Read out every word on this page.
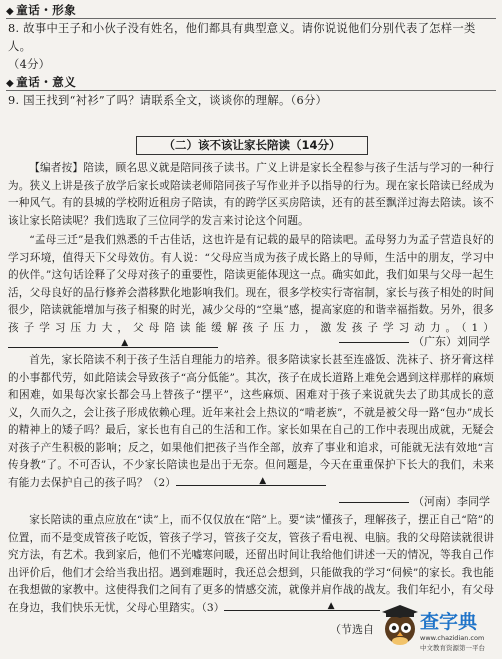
◆ 童话・形象
8. 故事中王子和小伙子没有姓名，他们都具有典型意义。请你说说他们分别代表了怎样一类人。
（4分）
◆ 童话・意义
9. 国王找到“衬衫”了吗？请联系全文，谈谈你的理解。（6分）
（二）该不该让家长陪读（14分）

【编者按】陪读，顾名思义就是陪同孩子读书。广义上讲是家长全程参与孩子生活与学习的一种行为。狭义上讲是孩子放学后家长或陪读老师陪同孩子写作业并予以指导的行为。现在家长陪读已经成为一种风气。有的县城的学校附近租房子陪读，有的跨学区买房陪读，还有的甚至飘洋过海去陪读。该不该让家长陪读呢？我们选取了三位同学的发言来讨论这个问题。

“孟母三迁”是我们熟悉的千古佳话，这也许是有记载的最早的陪读吧。孟母努力为孟子营造良好的学习环境，值得天下父母效仿。有人说：“父母应当成为孩子成长路上的导师，生活中的朋友，学习中的伙伴。”这句话诠释了父母对孩子的重要性，陪读更能体现这一点。确实如此，我们如果与父母一起生活，父母良好的品行修养会潜移默化地影响我们。现在，很多学校实行寄宿制，家长与孩子相处的时间很少，陪读就能增加与孩子相聚的时光，减少父母的“空巢”感，提高家庭的和谐幸福指数。另外，很多孩子学习压力大，父母陪读能缓解孩子压力，激发孩子学习动力。（1）
▲	（广东）刘同学

首先，家长陪读不利于孩子生活自理能力的培养。很多陪读家长甚至连盛饭、洗袜子、挤牙膏这样的小事都代劳，如此陪读会导致孩子“高分低能”。其次，孩子在成长道路上难免会遇到这样那样的麻烦和困难，如果每次家长都会马上替孩子“摆平”，这些麻烦、困难对于孩子来说就失去了助其成长的意义，久而久之，会让孩子形成依赖心理。近年来社会上热议的“啃老族”，不就是被父母一路“包办”成长的精神上的矮子吗？最后，家长也有自己的生活和工作。家长如果在自己的工作中表现出成就，无疑会对孩子产生积极的影响；反之，如果他们把孩子当作全部，放弃了事业和追求，可能就无法有效地“言传身教”了。不可否认，不少家长陪读也是出于无奈。但问题是，今天在重重保护下长大的我们，未来有能力去保护自己的孩子吗？（2）	▲

（河南）李同学

家长陪读的重点应放在“读”上，而不仅仅放在“陪”上。要“读”懂孩子，理解孩子，摆正自己“陪”的位置，而不是变成管孩子吃饭，管孩子学习，管孩子交友，管孩子看电视、电脑。我的父母陪读就很讲究方法，有艺术。我到家后，他们不光嘘寒问暖，还留出时间让我给他们讲述一天的情况，等我自己作出评价后，他们才会给当我出招。遇到难题时，我还总会想到，只能做我的学习“伺候”的家长。我也能在我想做的家教中。这使得我们之间有了更多的情感交流，就像并肩作战的战友。我们年纪小，有父母在身边，我们快乐无忧，父母心里踏实。（3）	▲

（节选自 查字典
www.chazidian.com
中文教育资源第一平台
